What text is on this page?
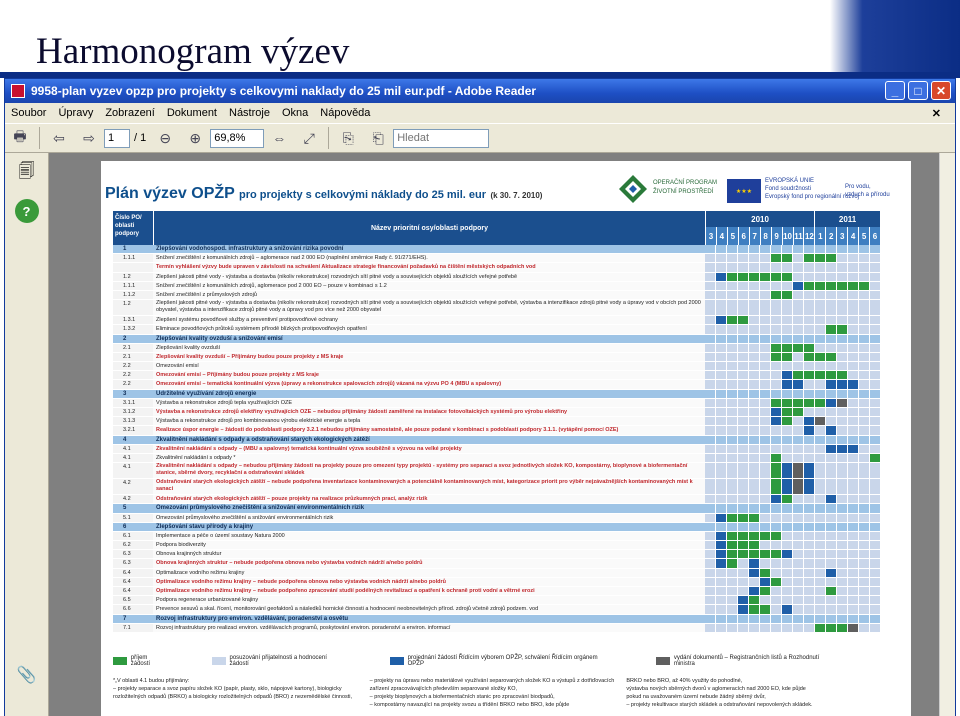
Harmonogram výzev
9958-plan vyzev opzp pro projekty s celkovymi naklady do 25 mil eur.pdf - Adobe Reader	_	□	✕
Soubor Úpravy Zobrazení Dokument Nástroje Okna Nápověda	✕
🖶	⇦	⇨
1	/ 1 ⊖	⊕	69,8%	⇔	⤢	⎘	⎗
Hledat
🗐
?
📎
Plán výzev OPŽP pro projekty s celkovými náklady do 25 mil. eur (k 30. 7. 2010)
OPERAČNÍ PROGRAM
ŽIVOTNÍ PROSTŘEDÍ	★★★
EVROPSKÁ UNIE
Fond soudržnosti
Evropský fond pro regionální rozvoj
Pro vodu,
vzduch a přírodu
Číslo PO/ oblasti podpory
Název prioritní osy/oblasti podpory
2010	2011
3 4 5 6 7 8 9 10 11 12 1 2 3 4 5 6
1	Zlepšování vodohospod. infrastruktury a snižování rizika povodní
1.1.1	Snížení znečištění z komunálních zdrojů – aglomerace nad 2 000 EO (naplnění směrnice Rady č. 91/271/EHS).
Termín vyhlášení výzvy bude upraven v závislosti na schválení Aktualizace strategie financování požadavků na čištění městských odpadních vod
1.2	Zlepšení jakosti pitné vody - výstavba a dostavba (nikoliv rekonstrukce) rozvodných sítí pitné vody a souvisejících objektů sloužících veřejné potřebě
1.1.1	Snížení znečištění z komunálních zdrojů, aglomerace pod 2 000 EO – pouze v kombinaci s 1.2
1.1.2	Snížení znečištění z průmyslových zdrojů
1.2	Zlepšení jakosti pitné vody - výstavba a dostavba (nikoliv rekonstrukce) rozvodných sítí pitné vody a souvisejících objektů sloužících veřejné potřebě, výstavba a intenzifikace zdrojů pitné vody a úpravy vod v obcích pod 2000 obyvatel, výstavba a intenzifikace zdrojů pitné vody a úpravy vod pro více než 2000 obyvatel
1.3.1	Zlepšení systému povodňové služby a preventivní protipovodňové ochrany
1.3.2	Eliminace povodňových průtoků systémem přírodě blízkých protipovodňových opatření
2	Zlepšování kvality ovzduší a snižování emisí
2.1	Zlepšování kvality ovzduší
2.1	Zlepšování kvality ovzduší – Příjímány budou pouze projekty z MS kraje
2.2	Omezování emisí
2.2	Omezování emisí – Příjímány budou pouze projekty z MS kraje
2.2	Omezování emisí – tematická kontinuální výzva (úpravy a rekonstrukce spalovacích zdrojů) vázaná na výzvu PO 4 (MBU a spalovny)
3	Udržitelné využívání zdrojů energie
3.1.1	Výstavba a rekonstrukce zdrojů tepla využívajících OZE
3.1.2	Výstavba a rekonstrukce zdrojů elektřiny využívajících OZE – nebudou přijímány žádosti zaměřené na instalace fotovoltaických systémů pro výrobu elektřiny
3.1.3	Výstavba a rekonstrukce zdrojů pro kombinovanou výrobu elektrické energie a tepla
3.2.1	Realizace úspor energie – žádosti do podoblasti podpory 3.2.1 nebudou přijímány samostatně, ale pouze podané v kombinaci s podoblastí podpory 3.1.1. (vytápění pomocí OZE)
4	Zkvalitnění nakládání s odpady a odstraňování starých ekologických zátěží
4.1	Zkvalitnění nakládání s odpady – (MBU a spalovny) tematická kontinuální výzva souběžně s výzvou na velké projekty
4.1	Zkvalitnění nakládání s odpady *
4.1	Zkvalitnění nakládání s odpady – nebudou přijímány žádosti na projekty pouze pro omezení typy projektů - systémy pro separaci a svoz jednotlivých složek KO, kompostárny, bioplynové a biofermentační stanice, sběrné dvory, recyklační a odstraňování skládek
4.2	Odstraňování starých ekologických zátěží – nebude podpořena inventarizace kontaminovaných a potenciálně kontaminovaných míst, kategorizace priorit pro výběr nejzávažnějších kontaminovaných míst k sanaci
4.2	Odstraňování starých ekologických zátěží – pouze projekty na realizace průzkumných prací, analýz rizik
5	Omezování průmyslového znečištění a snižování environmentálních rizik
5.1	Omezování průmyslového znečištění a snižování environmentálních rizik
6	Zlepšování stavu přírody a krajiny
6.1	Implementace a péče o území soustavy Natura 2000
6.2	Podpora biodiverzity
6.3	Obnova krajinných struktur
6.3	Obnova krajinných struktur – nebude podpořena obnova nebo výstavba vodních nádrží a/nebo poldrů
6.4	Optimalizace vodního režimu krajiny
6.4	Optimalizace vodního režimu krajiny – nebude podpořena obnova nebo výstavba vodních nádrží a/nebo poldrů
6.4	Optimalizace vodního režimu krajiny – nebude podpořeno zpracování studií podélných revitalizací a opatření k ochraně proti vodní a větrné erozi
6.5	Podpora regenerace urbanizované krajiny
6.6	Prevence sesuvů a skal. řícení, monitorování geofaktorů a následků hornické činnosti a hodnocení neobnovitelných přírod. zdrojů včetně zdrojů podzem. vod
7	Rozvoj infrastruktury pro environ. vzdělávání, poradenství a osvětu
7.1	Rozvoj infrastruktury pro realizaci environ. vzdělávacích programů, poskytování environ. poradenství a environ. informací
příjem žádostí
posuzování přijatelnosti a hodnocení žádostí
projednání žádostí Řídícím výborem OPŽP, schválení Řídícím orgánem OPŽP
vydání dokumentů – Registrančních listů a Rozhodnutí ministra
*„V oblasti 4.1 budou přijímány:
– projekty separace a svoz papíru složek KO (papír, plasty, sklo, nápojové kartony), biologicky rozložitelných odpadů (BRKO) a biologicky rozložitelných odpadů (BRO) z nezemědělské činnosti,
– projekty na úpravu nebo materiálové využívání separovaných složek KO a výstupů z dotřiďovacích zařízení zpracovávajících především separované složky KO,
– projekty bioplynových a biofermentačních stanic pro zpracování biodpadů,
– kompostárny navazující na projekty svozu a třídění BRKO nebo BRO, kde půjde
BRKO nebo BRO, až 40% využity do pohodlné,
výstavba nových sběrných dvorů v aglomeracích nad 2000 EO, kde půjde
pokud na uvažovaném území nebude žádný sběrný dvůr,
– projekty rekultivace starých skládek a odstraňování nepovolených skládek.
